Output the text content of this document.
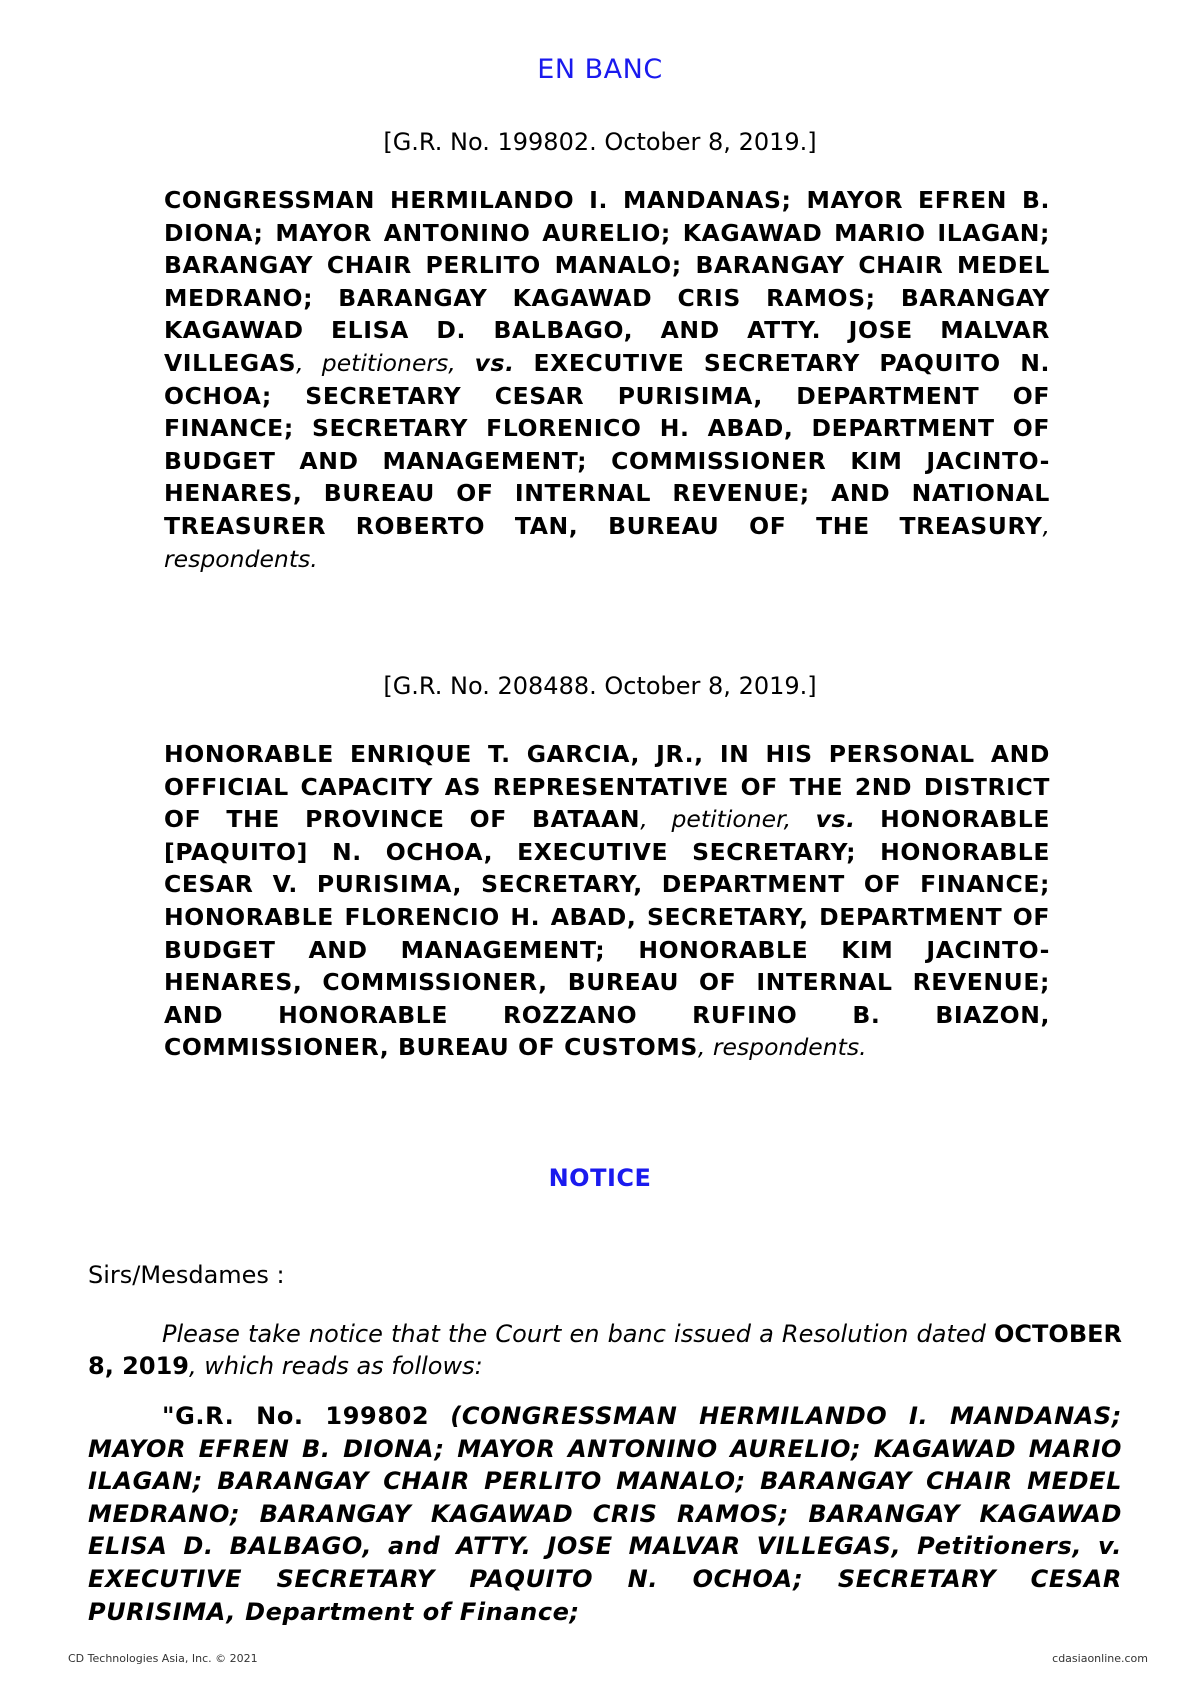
EN BANC
[G.R. No. 199802. October 8, 2019.]
CONGRESSMAN HERMILANDO I. MANDANAS; MAYOR EFREN B. DIONA; MAYOR ANTONINO AURELIO; KAGAWAD MARIO ILAGAN; BARANGAY CHAIR PERLITO MANALO; BARANGAY CHAIR MEDEL MEDRANO; BARANGAY KAGAWAD CRIS RAMOS; BARANGAY KAGAWAD ELISA D. BALBAGO, AND ATTY. JOSE MALVAR VILLEGAS, petitioners, vs. EXECUTIVE SECRETARY PAQUITO N. OCHOA; SECRETARY CESAR PURISIMA, DEPARTMENT OF FINANCE; SECRETARY FLORENICO H. ABAD, DEPARTMENT OF BUDGET AND MANAGEMENT; COMMISSIONER KIM JACINTO-HENARES, BUREAU OF INTERNAL REVENUE; AND NATIONAL TREASURER ROBERTO TAN, BUREAU OF THE TREASURY, respondents.
[G.R. No. 208488. October 8, 2019.]
HONORABLE ENRIQUE T. GARCIA, JR., IN HIS PERSONAL AND OFFICIAL CAPACITY AS REPRESENTATIVE OF THE 2ND DISTRICT OF THE PROVINCE OF BATAAN, petitioner, vs. HONORABLE [PAQUITO] N. OCHOA, EXECUTIVE SECRETARY; HONORABLE CESAR V. PURISIMA, SECRETARY, DEPARTMENT OF FINANCE; HONORABLE FLORENCIO H. ABAD, SECRETARY, DEPARTMENT OF BUDGET AND MANAGEMENT; HONORABLE KIM JACINTO-HENARES, COMMISSIONER, BUREAU OF INTERNAL REVENUE; AND HONORABLE ROZZANO RUFINO B. BIAZON, COMMISSIONER, BUREAU OF CUSTOMS, respondents.
NOTICE
Sirs/Mesdames :
Please take notice that the Court en banc issued a Resolution dated OCTOBER 8, 2019, which reads as follows:
"G.R. No. 199802 (CONGRESSMAN HERMILANDO I. MANDANAS; MAYOR EFREN B. DIONA; MAYOR ANTONINO AURELIO; KAGAWAD MARIO ILAGAN; BARANGAY CHAIR PERLITO MANALO; BARANGAY CHAIR MEDEL MEDRANO; BARANGAY KAGAWAD CRIS RAMOS; BARANGAY KAGAWAD ELISA D. BALBAGO, and ATTY. JOSE MALVAR VILLEGAS, Petitioners, v. EXECUTIVE SECRETARY PAQUITO N. OCHOA; SECRETARY CESAR PURISIMA, Department of Finance;
CD Technologies Asia, Inc. © 2021	cdasiaonline.com
